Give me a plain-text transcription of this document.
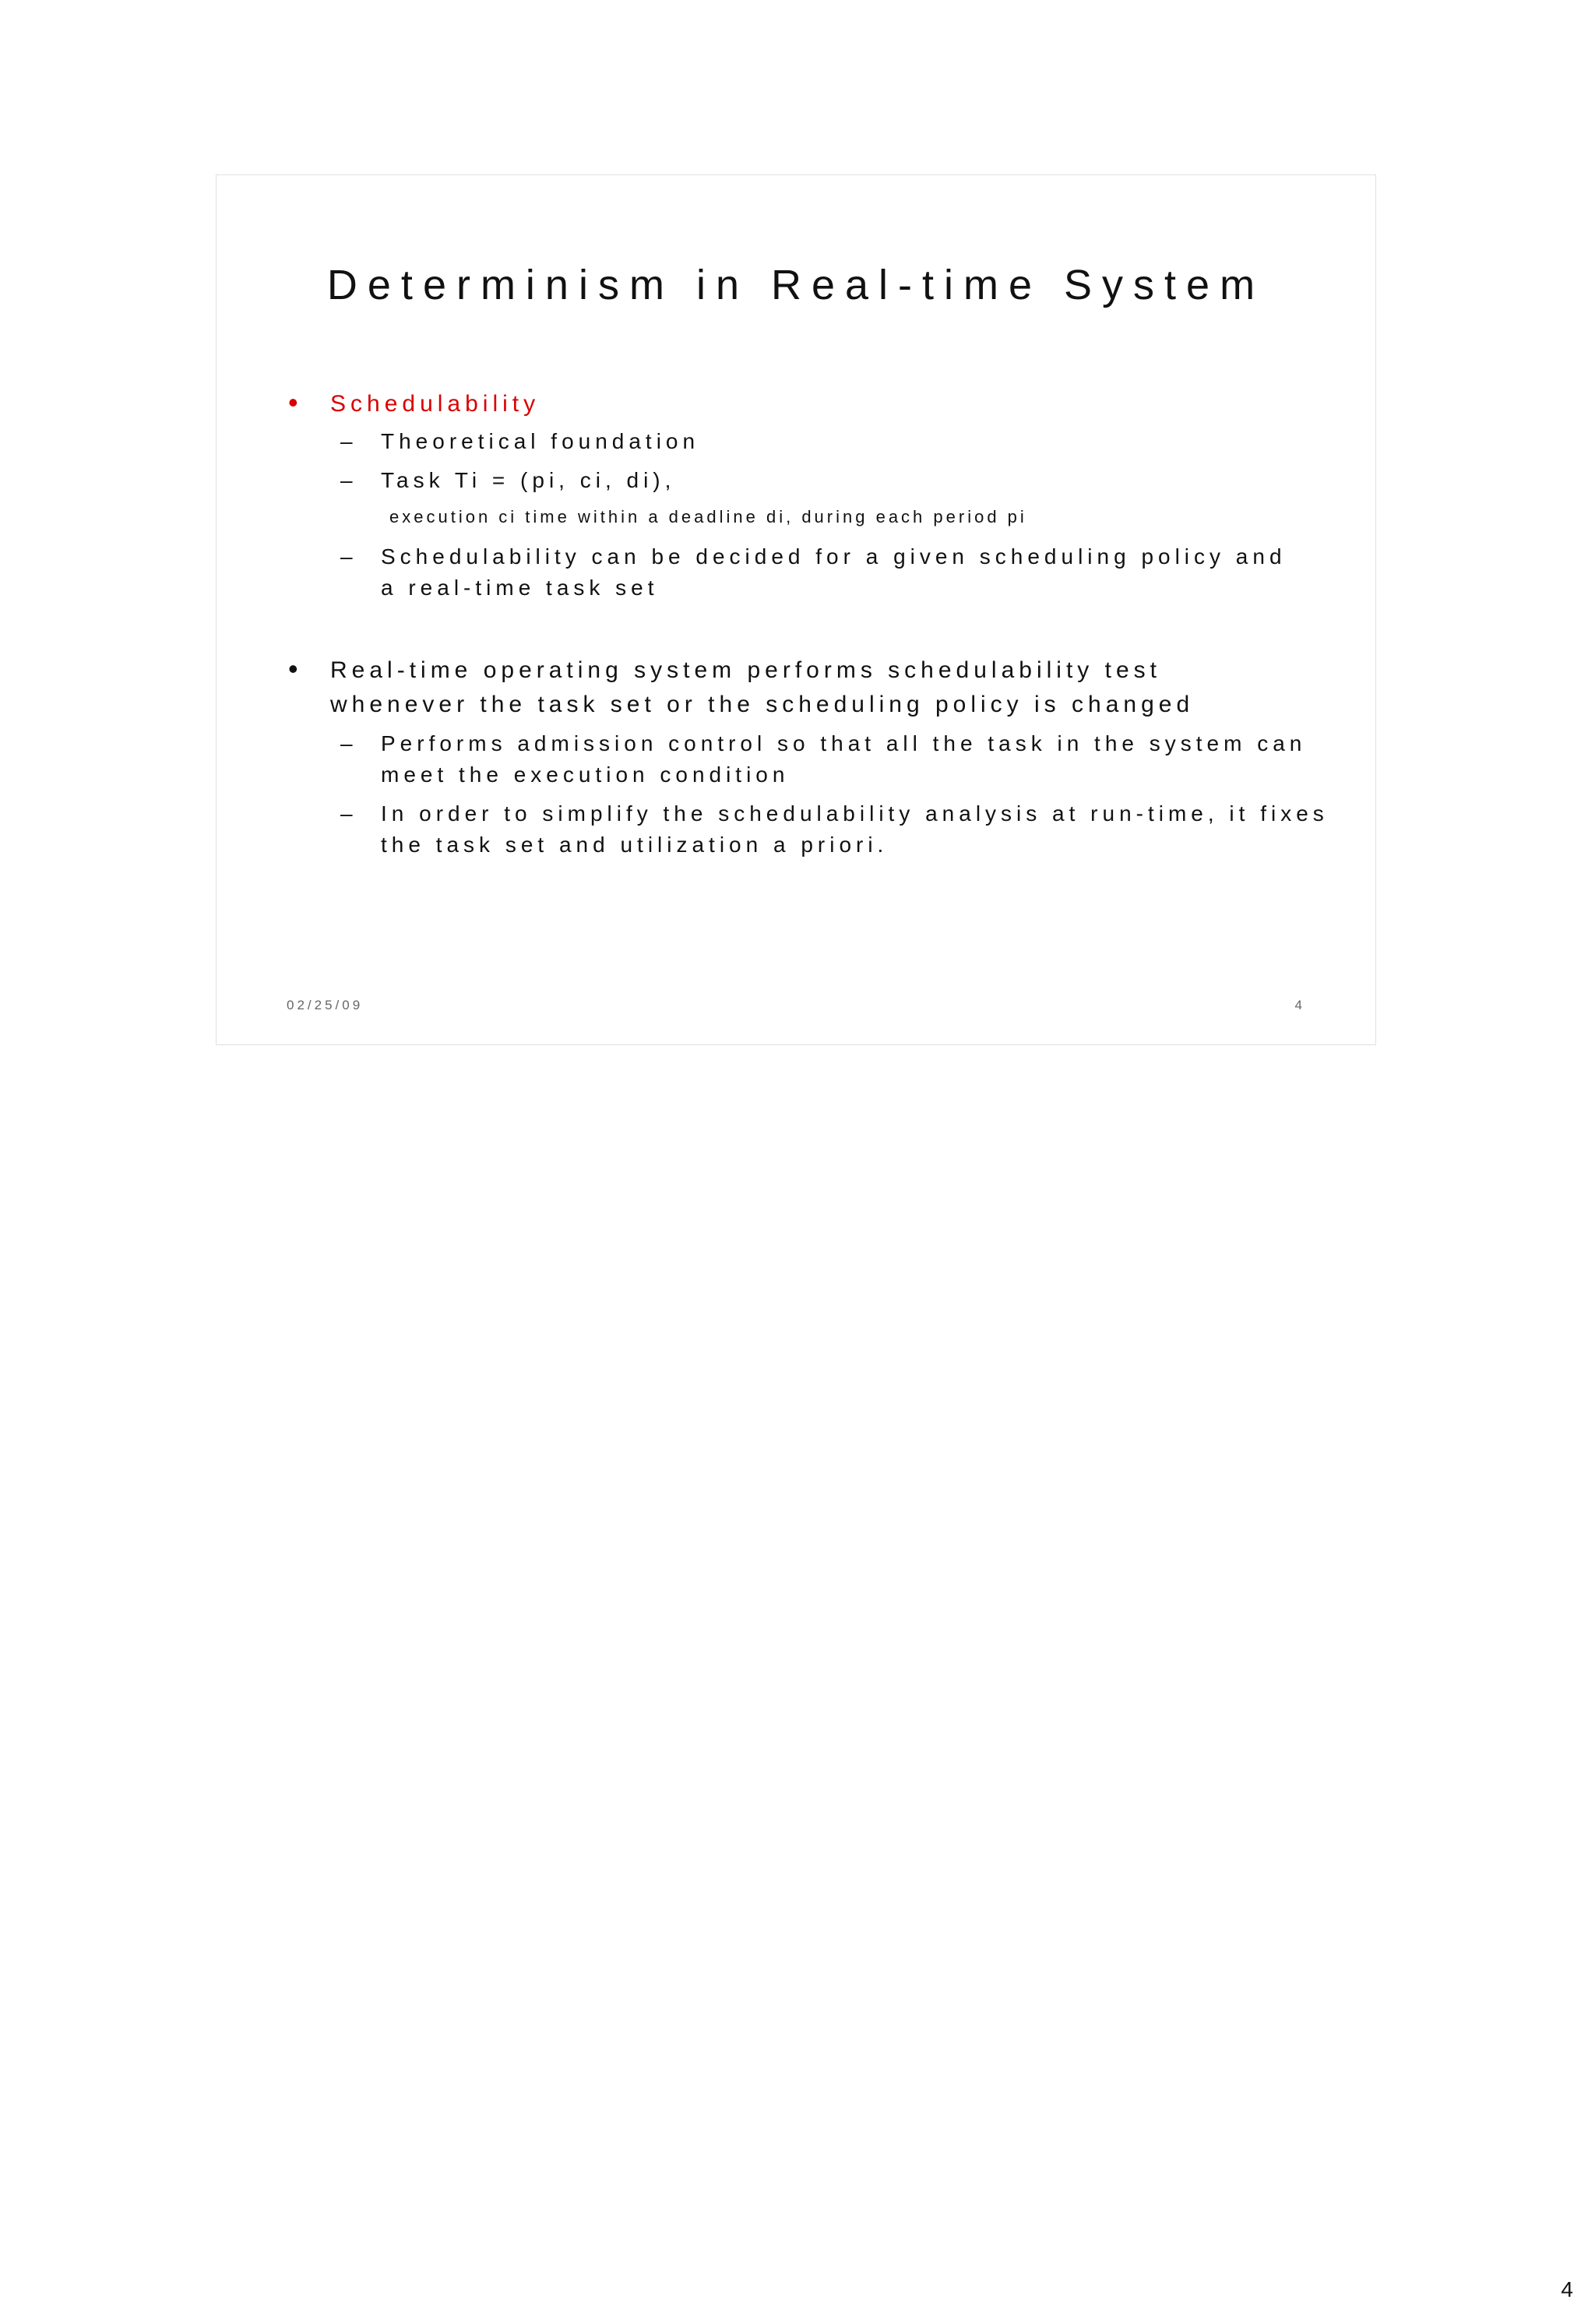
Determinism in Real-time System
• Schedulability
– Theoretical foundation
– Task Ti = (pi, ci, di),
execution ci time within a deadline di, during each period pi
– Schedulability can be decided for a given scheduling policy and
a real-time task set
• Real-time operating system performs schedulability test
whenever the task set or the scheduling policy is changed
– Performs admission control so that all the task in the system can
meet the execution condition
– In order to simplify the schedulability analysis at run-time, it fixes
the task set and utilization a priori.
02/25/09	4
4
